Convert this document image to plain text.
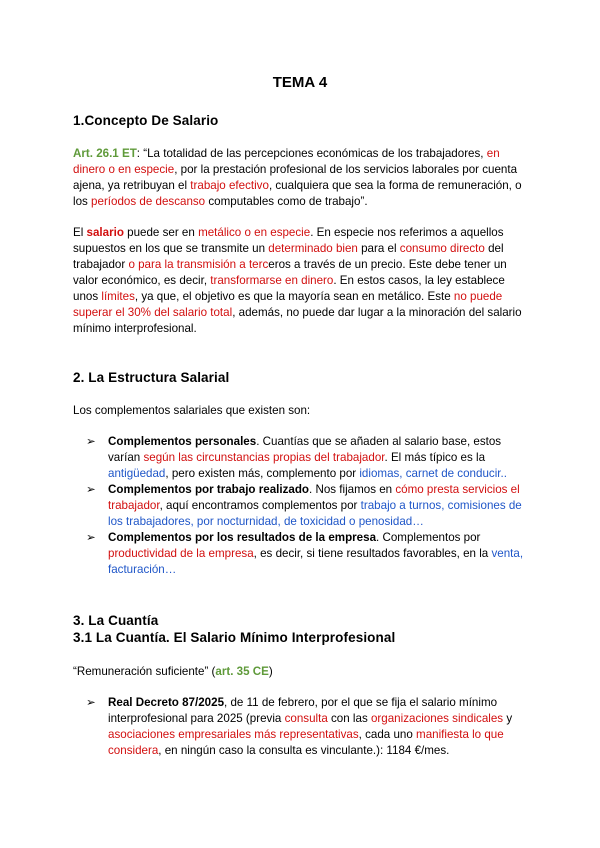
TEMA 4
1.Concepto De Salario

Art. 26.1 ET: “La totalidad de las percepciones económicas de los trabajadores, en dinero o en especie, por la prestación profesional de los servicios laborales por cuenta ajena, ya retribuyan el trabajo efectivo, cualquiera que sea la forma de remuneración, o los períodos de descanso computables como de trabajo”.

El salario puede ser en metálico o en especie. En especie nos referimos a aquellos supuestos en los que se transmite un determinado bien para el consumo directo del trabajador o para la transmisión a terceros a través de un precio. Este debe tener un valor económico, es decir, transformarse en dinero. En estos casos, la ley establece unos límites, ya que, el objetivo es que la mayoría sean en metálico. Este no puede superar el 30% del salario total, además, no puede dar lugar a la minoración del salario mínimo interprofesional.

2. La Estructura Salarial

Los complementos salariales que existen son:

➢ Complementos personales. Cuantías que se añaden al salario base, estos varían según las circunstancias propias del trabajador. El más típico es la antigüedad, pero existen más, complemento por idiomas, carnet de conducir..
➢ Complementos por trabajo realizado. Nos fijamos en cómo presta servicios el trabajador, aquí encontramos complementos por trabajo a turnos, comisiones de los trabajadores, por nocturnidad, de toxicidad o penosidad…
➢ Complementos por los resultados de la empresa. Complementos por productividad de la empresa, es decir, si tiene resultados favorables, en la venta, facturación…
3. La Cuantía
3.1 La Cuantía. El Salario Mínimo Interprofesional

“Remuneración suficiente” (art. 35 CE)

➢ Real Decreto 87/2025, de 11 de febrero, por el que se fija el salario mínimo interprofesional para 2025 (previa consulta con las organizaciones sindicales y asociaciones empresariales más representativas, cada uno manifiesta lo que considera, en ningún caso la consulta es vinculante.): 1184 €/mes.
